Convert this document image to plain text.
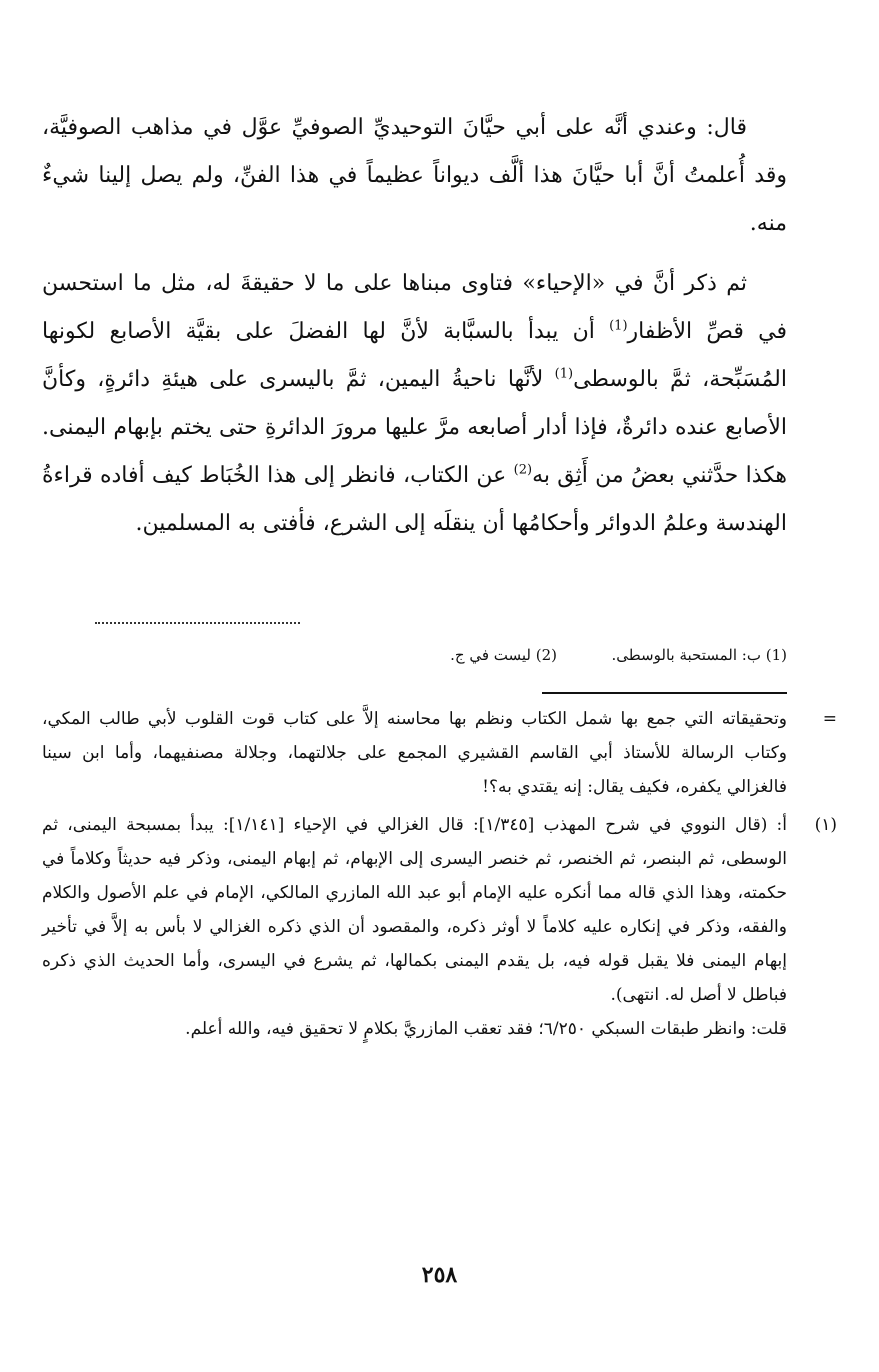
قال: وعندي أنَّه على أبي حيَّانَ التوحيديِّ الصوفيِّ عوَّل في مذاهب الصوفيَّة، وقد أُعلمتُ أنَّ أبا حيَّانَ هذا ألَّف ديواناً عظيماً في هذا الفنِّ، ولم يصل إلينا شيءٌ منه.

ثم ذكر أنَّ في «الإحياء» فتاوى مبناها على ما لا حقيقةَ له، مثل ما استحسن في قصِّ الأظفار$^{(1)}$ أن يبدأ بالسبَّابة لأنَّ لها الفضلَ على بقيَّة الأصابع لكونها المُسَبِّحة، ثمَّ بالوسطى$^{(1)}$ لأنَّها ناحيةُ اليمين، ثمَّ باليسرى على هيئةِ دائرةٍ، وكأنَّ الأصابع عنده دائرةٌ، فإذا أدار أصابعه مرَّ عليها مرورَ الدائرةِ حتى يختم بإبهام اليمنى. هكذا حدَّثني بعضُ من أَثِق به$^{(2)}$ عن الكتاب، فانظر إلى هذا الخُبَاط كيف أفاده قراءةُ الهندسة وعلمُ الدوائر وأحكامُها أن ينقلَه إلى الشرع، فأفتى به المسلمين.

(1) ب: المستحبة بالوسطى.
(2) ليست في ج.
=

وتحقيقاته التي جمع بها شمل الكتاب ونظم بها محاسنه إلاَّ على كتاب قوت القلوب لأبي طالب المكي، وكتاب الرسالة للأستاذ أبي القاسم القشيري المجمع على جلالتهما، وجلالة مصنفيهما، وأما ابن سينا فالغزالي يكفره، فكيف يقال: إنه يقتدي به؟!

(١)

أ: (قال النووي في شرح المهذب [١/٣٤٥]: قال الغزالي في الإحياء [١/١٤١]: يبدأ بمسبحة اليمنى، ثم الوسطى، ثم البنصر، ثم الخنصر، ثم خنصر اليسرى إلى الإبهام، ثم إبهام اليمنى، وذكر فيه حديثاً وكلاماً في حكمته، وهذا الذي قاله مما أنكره عليه الإمام أبو عبد الله المازري المالكي، الإمام في علم الأصول والكلام والفقه، وذكر في إنكاره عليه كلاماً لا أوثر ذكره، والمقصود أن الذي ذكره الغزالي لا بأس به إلاَّ في تأخير إبهام اليمنى فلا يقبل قوله فيه، بل يقدم اليمنى بكمالها، ثم يشرع في اليسرى، وأما الحديث الذي ذكره فباطل لا أصل له. انتهى).

قلت: وانظر طبقات السبكي ٦/٢٥٠؛ فقد تعقب المازريَّ بكلامٍ لا تحقيق فيه، والله أعلم.

٢٥٨
